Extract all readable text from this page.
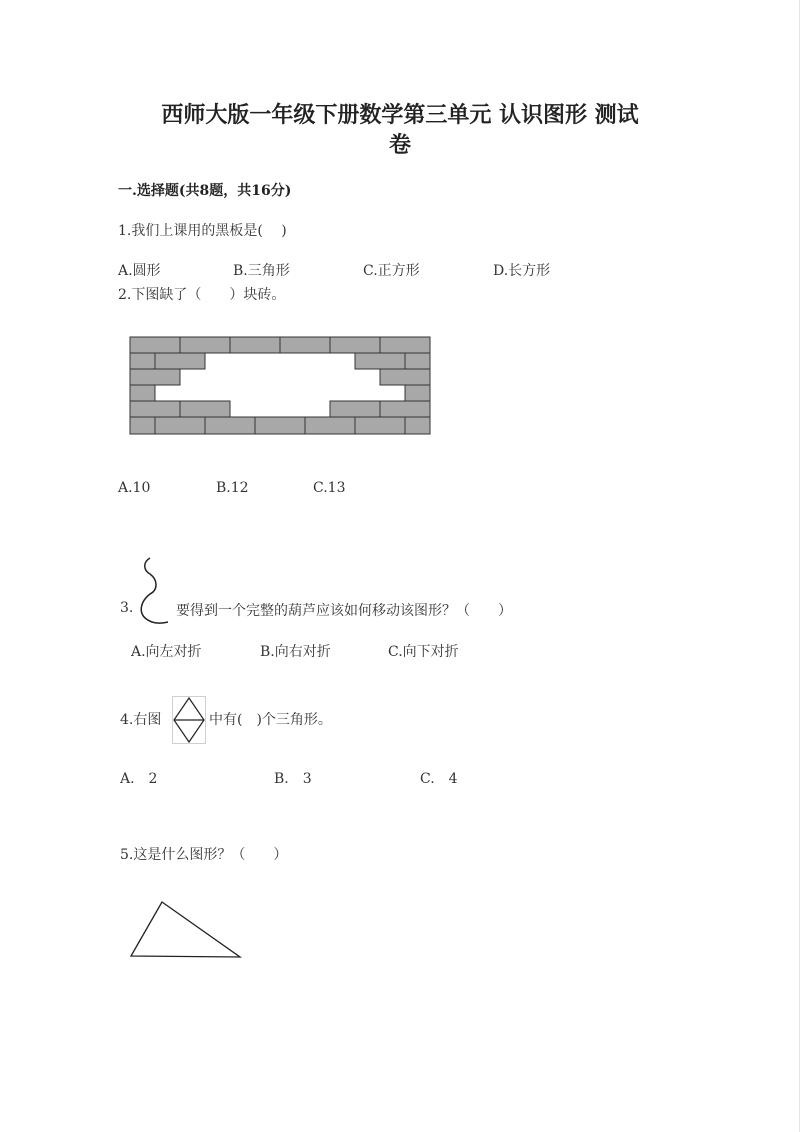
西师大版一年级下册数学第三单元 认识图形 测试
卷
一.选择题(共8题，共16分)
1.我们上课用的黑板是(　 )
A.圆形	B.三角形	C.正方形	D.长方形
2.下图缺了（　　）块砖。
A.10	B.12	C.13
3.	要得到一个完整的葫芦应该如何移动该图形？（　　）
A.向左对折	B.向右对折	C.向下对折
4.右图	中有(　)个三角形。
A.　2	B.　3	C.　4
5.这是什么图形？（　　）
